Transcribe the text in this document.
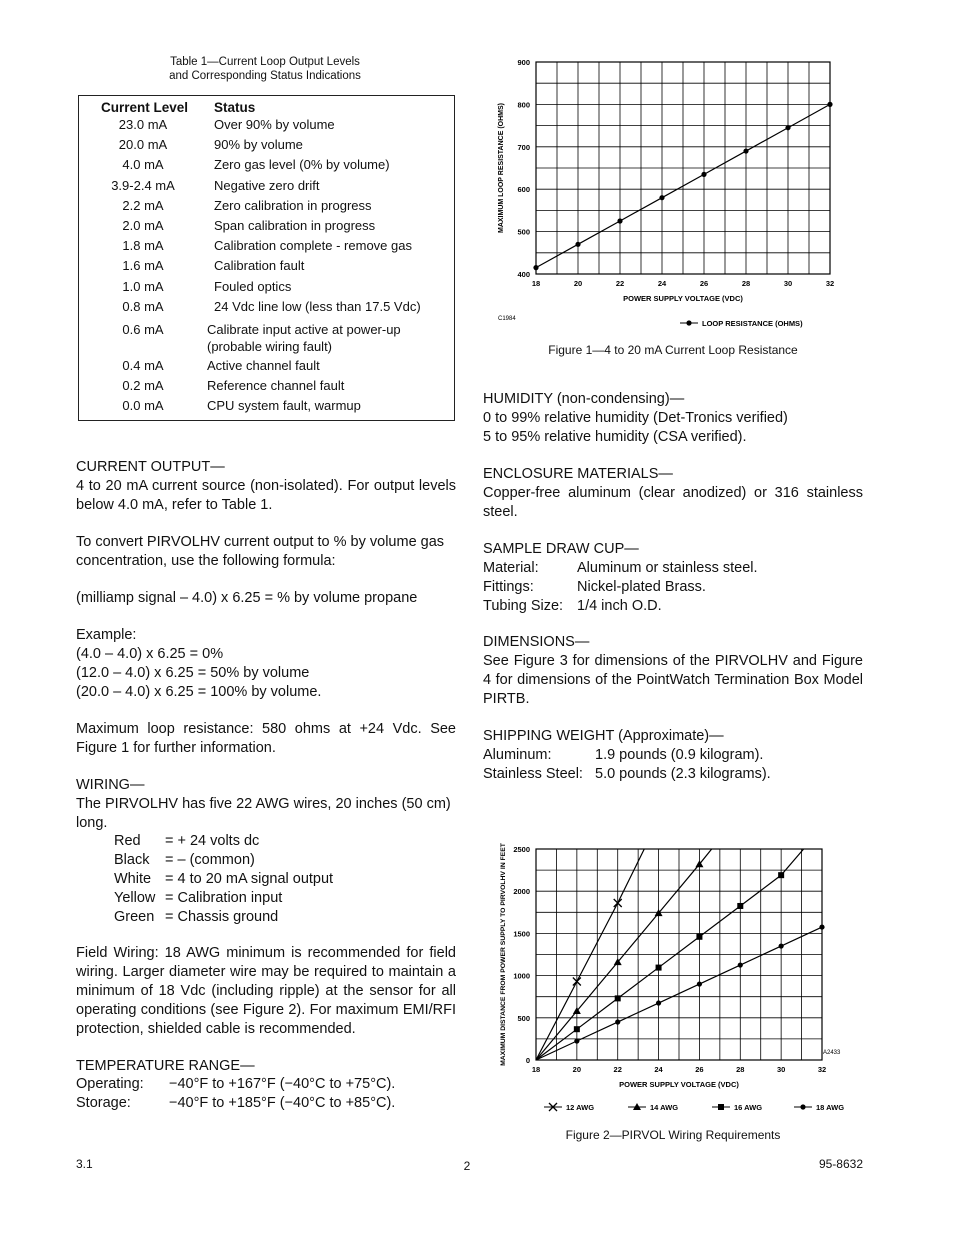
Table 1—Current Loop Output Levels
and Corresponding Status Indications
Current Level Status
23.0 mA	Over 90% by volume
20.0 mA	90% by volume
4.0 mA	Zero gas level (0% by volume)
3.9-2.4 mA	Negative zero drift
2.2 mA	Zero calibration in progress
2.0 mA	Span calibration in progress
1.8 mA	Calibration complete - remove gas
1.6 mA	Calibration fault
1.0 mA	Fouled optics
0.8 mA	24 Vdc line low (less than 17.5 Vdc)
0.6 mA	Calibrate input active at power-up
(probable wiring fault)
0.4 mA	Active channel fault
0.2 mA	Reference channel fault
0.0 mA	CPU system fault, warmup
CURRENT OUTPUT—
4 to 20 mA current source (non-isolated). For output levels below 4.0 mA, refer to Table 1.
To convert PIRVOLHV current output to % by volume gas concentration, use the following formula:
(milliamp signal – 4.0) x 6.25 = % by volume propane
Example:
(4.0 – 4.0) x 6.25 = 0%
(12.0 – 4.0) x 6.25 = 50% by volume
(20.0 – 4.0) x 6.25 = 100% by volume.
Maximum loop resistance: 580 ohms at +24 Vdc. See Figure 1 for further information.
WIRING—
The PIRVOLHV has five 22 AWG wires, 20 inches (50 cm) long.
Red = + 24 volts dc
Black = – (common)
White = 4 to 20 mA signal output
Yellow = Calibration input
Green = Chassis ground
Field Wiring: 18 AWG minimum is recommended for field wiring. Larger diameter wire may be required to maintain a minimum of 18 Vdc (including ripple) at the sensor for all operating conditions (see Figure 2). For maximum EMI/RFI protection, shielded cable is recommended.
TEMPERATURE RANGE—
Operating: −40°F to +167°F (−40°C to +75°C).
Storage:	−40°F to +185°F (−40°C to +85°C).
18	20	22	24	26	28	30	32
400
500
600
700
800
900
POWER SUPPLY VOLTAGE (VDC)
MAXIMUM LOOP RESISTANCE (OHMS)
C1984	LOOP RESISTANCE (OHMS)
Figure 1—4 to 20 mA Current Loop Resistance
HUMIDITY (non-condensing)—
0 to 99% relative humidity (Det-Tronics verified)
5 to 95% relative humidity (CSA verified).
ENCLOSURE MATERIALS—
Copper-free aluminum (clear anodized) or 316 stainless steel.
SAMPLE DRAW CUP—
Material:	Aluminum or stainless steel.
Fittings:	Nickel-plated Brass.
Tubing Size: 1/4 inch O.D.
DIMENSIONS—
See Figure 3 for dimensions of the PIRVOLHV and Figure 4 for dimensions of the PointWatch Termination Box Model PIRTB.
SHIPPING WEIGHT (Approximate)—
Aluminum:	1.9 pounds (0.9 kilogram).
Stainless Steel: 5.0 pounds (2.3 kilograms).
18	20	22	24	26	28	30	32
0
500
1000
1500
2000
2500
POWER SUPPLY VOLTAGE (VDC)
MAXIMUM DISTANCE FROM POWER SUPPLY TO PIRVOLHV IN FEET	A2433
12 AWG	14 AWG	16 AWG	18 AWG
Figure 2—PIRVOL Wiring Requirements
3.1	2	95-8632
